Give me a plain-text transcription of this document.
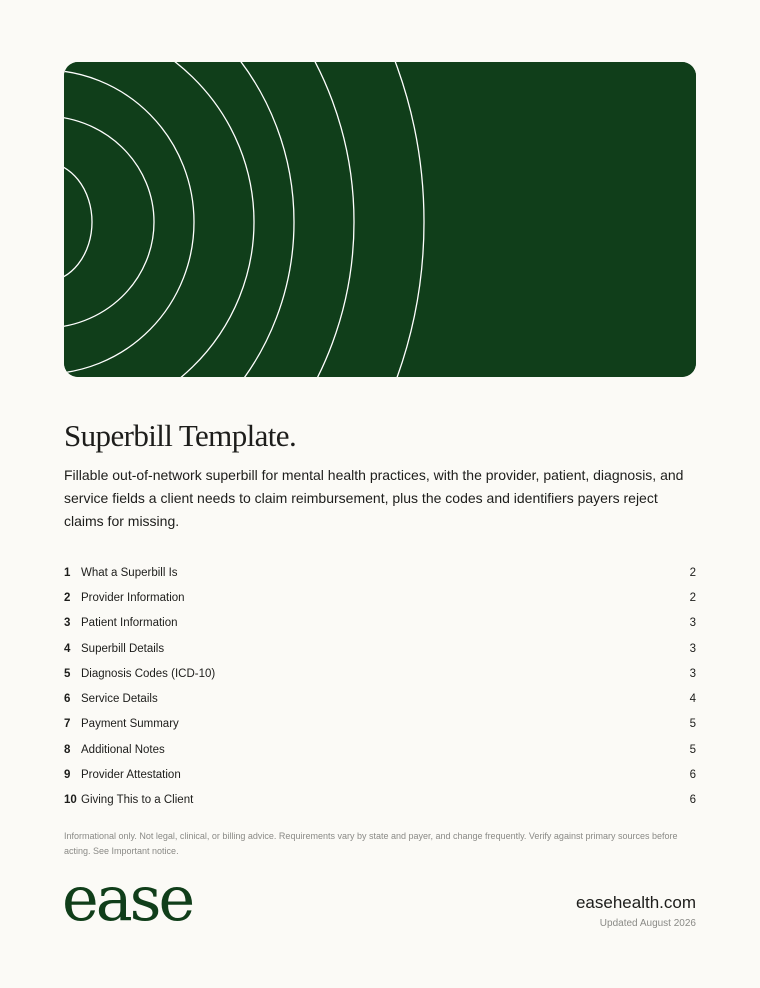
Superbill Template.

Fillable out-of-network superbill for mental health practices, with the provider, patient, diagnosis, and service fields a client needs to claim reimbursement, plus the codes and identifiers payers reject claims for missing.

1 What a Superbill Is	2
2 Provider Information	2
3 Patient Information	3
4 Superbill Details	3
5 Diagnosis Codes (ICD-10)	3
6 Service Details	4
7 Payment Summary	5
8 Additional Notes	5
9 Provider Attestation	6
10 Giving This to a Client	6

Informational only. Not legal, clinical, or billing advice. Requirements vary by state and payer, and change frequently. Verify against primary sources before acting. See Important notice.

ease	easehealth.com
Updated August 2026
